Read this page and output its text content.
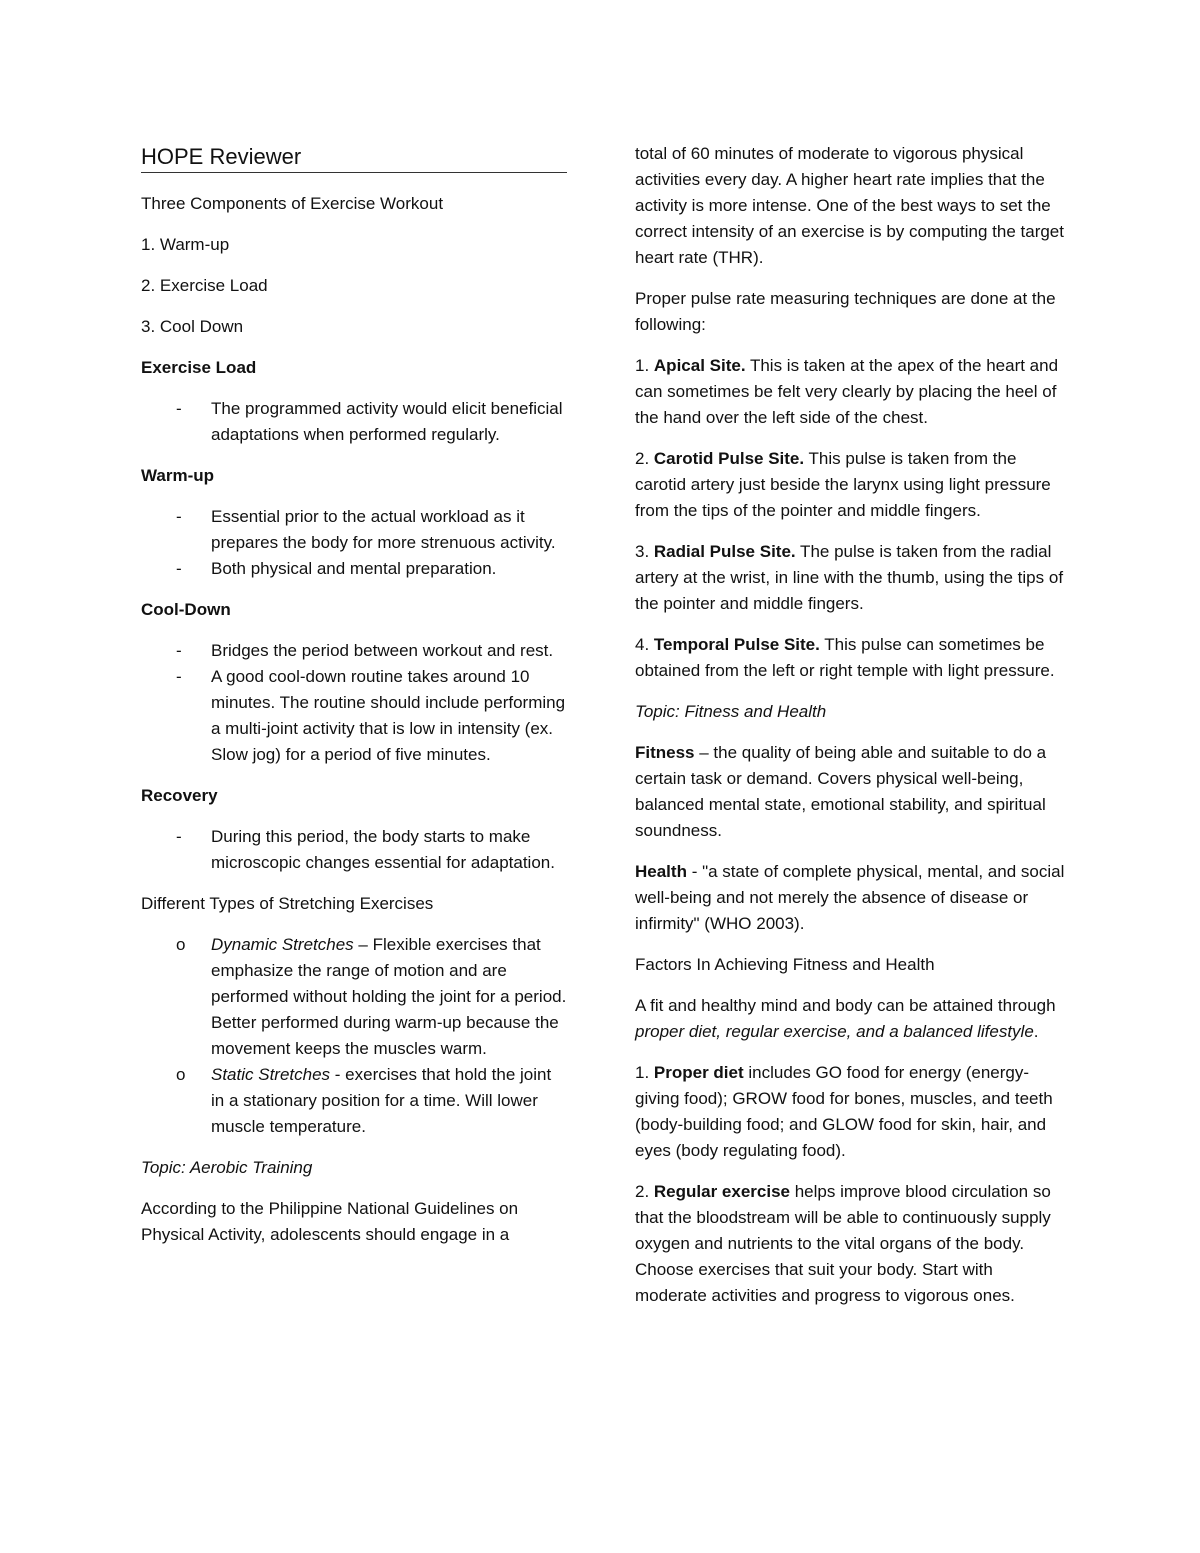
HOPE Reviewer

Three Components of Exercise Workout

1. Warm-up

2. Exercise Load

3. Cool Down

Exercise Load

- The programmed activity would elicit beneficial adaptations when performed regularly.

Warm-up

- Essential prior to the actual workload as it prepares the body for more strenuous activity.
- Both physical and mental preparation.

Cool-Down

- Bridges the period between workout and rest.
- A good cool-down routine takes around 10 minutes. The routine should include performing a multi-joint activity that is low in intensity (ex. Slow jog) for a period of five minutes.

Recovery

- During this period, the body starts to make microscopic changes essential for adaptation.

Different Types of Stretching Exercises

o Dynamic Stretches – Flexible exercises that emphasize the range of motion and are performed without holding the joint for a period. Better performed during warm-up because the movement keeps the muscles warm.
o Static Stretches - exercises that hold the joint in a stationary position for a time. Will lower muscle temperature.

Topic: Aerobic Training

According to the Philippine National Guidelines on Physical Activity, adolescents should engage in a

total of 60 minutes of moderate to vigorous physical activities every day. A higher heart rate implies that the activity is more intense. One of the best ways to set the correct intensity of an exercise is by computing the target heart rate (THR).

Proper pulse rate measuring techniques are done at the following:

1. Apical Site. This is taken at the apex of the heart and can sometimes be felt very clearly by placing the heel of the hand over the left side of the chest.

2. Carotid Pulse Site. This pulse is taken from the carotid artery just beside the larynx using light pressure from the tips of the pointer and middle fingers.

3. Radial Pulse Site. The pulse is taken from the radial artery at the wrist, in line with the thumb, using the tips of the pointer and middle fingers.

4. Temporal Pulse Site. This pulse can sometimes be obtained from the left or right temple with light pressure.

Topic: Fitness and Health

Fitness – the quality of being able and suitable to do a certain task or demand. Covers physical well-being, balanced mental state, emotional stability, and spiritual soundness.

Health - "a state of complete physical, mental, and social well-being and not merely the absence of disease or infirmity" (WHO 2003).

Factors In Achieving Fitness and Health

A fit and healthy mind and body can be attained through proper diet, regular exercise, and a balanced lifestyle.

1. Proper diet includes GO food for energy (energy-giving food); GROW food for bones, muscles, and teeth (body-building food; and GLOW food for skin, hair, and eyes (body regulating food).

2. Regular exercise helps improve blood circulation so that the bloodstream will be able to continuously supply oxygen and nutrients to the vital organs of the body. Choose exercises that suit your body. Start with moderate activities and progress to vigorous ones.
